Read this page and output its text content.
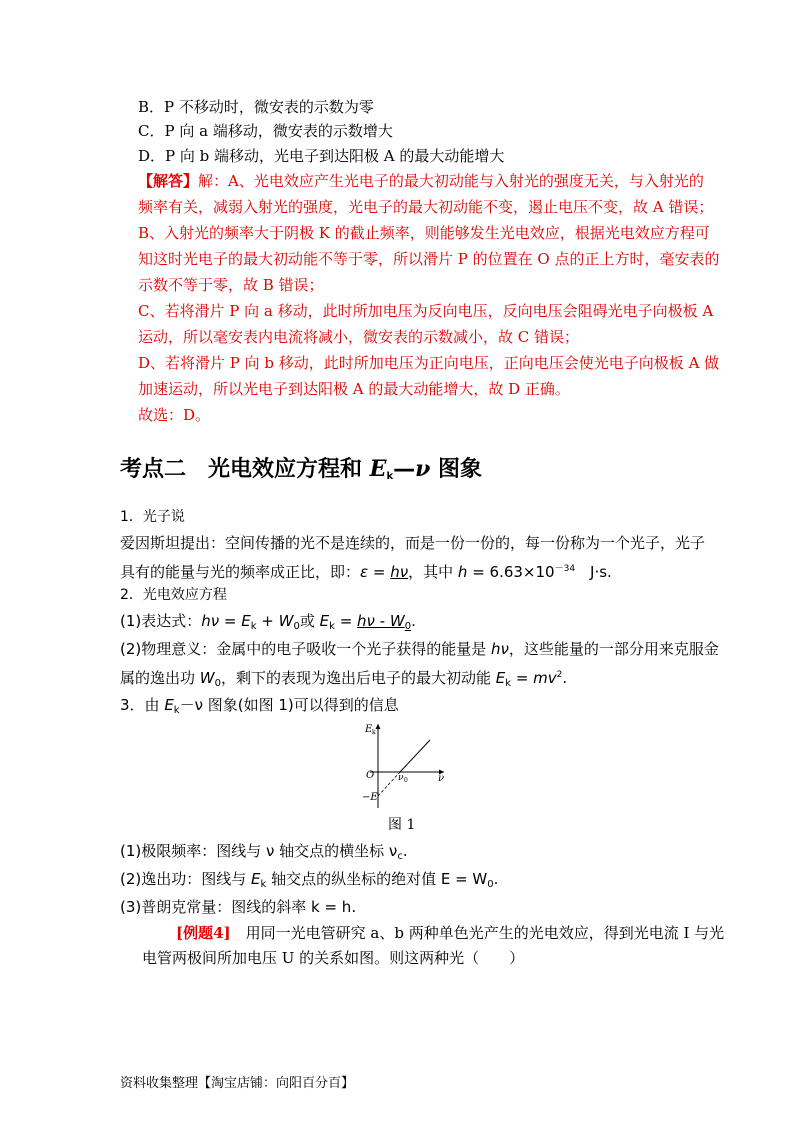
B．P 不移动时，微安表的示数为零
C．P 向 a 端移动，微安表的示数增大
D．P 向 b 端移动，光电子到达阳极 A 的最大动能增大
【解答】解：A、光电效应产生光电子的最大初动能与入射光的强度无关，与入射光的
频率有关，减弱入射光的强度，光电子的最大初动能不变，遏止电压不变，故 A 错误；
B、入射光的频率大于阴极 K 的截止频率，则能够发生光电效应，根据光电效应方程可
知这时光电子的最大初动能不等于零，所以滑片 P 的位置在 O 点的正上方时，毫安表的
示数不等于零，故 B 错误；
C、若将滑片 P 向 a 移动，此时所加电压为反向电压，反向电压会阻碍光电子向极板 A
运动，所以毫安表内电流将减小，微安表的示数减小，故 C 错误；
D、若将滑片 P 向 b 移动，此时所加电压为正向电压，正向电压会使光电子向极板 A 做
加速运动，所以光电子到达阳极 A 的最大动能增大，故 D 正确。
故选：D。
考点二　光电效应方程和 $E_k—\nu$ 图象
1．光子说
爱因斯坦提出：空间传播的光不是连续的，而是一份一份的，每一份称为一个光子，光子
具有的能量与光的频率成正比，即：ε = hν，其中 $h = 6.63\times 10^{-34}$　J·s.
2．光电效应方程
(1)表达式：$h\nu = E_k + W_0$或 $E_k = h\nu - W_0$.
(2)物理意义：金属中的电子吸收一个光子获得的能量是 hν，这些能量的一部分用来克服金
属的逸出功 $W_0$，剩下的表现为逸出后电子的最大初动能 $E_k = mv^2$.
3．由 $E_k-\nu$ 图象(如图 1)可以得到的信息
E k
O	ν 0	ν
−E
图 1
(1)极限频率：图线与 ν 轴交点的横坐标 $\nu_c$.
(2)逸出功：图线与 $E_k$ 轴交点的纵坐标的绝对值 $E = W_0$.
(3)普朗克常量：图线的斜率 k = h.
[例题4]　用同一光电管研究 a、b 两种单色光产生的光电效应，得到光电流 I 与光
电管两极间所加电压 U 的关系如图。则这两种光（　　）
资料收集整理【淘宝店铺：向阳百分百】
